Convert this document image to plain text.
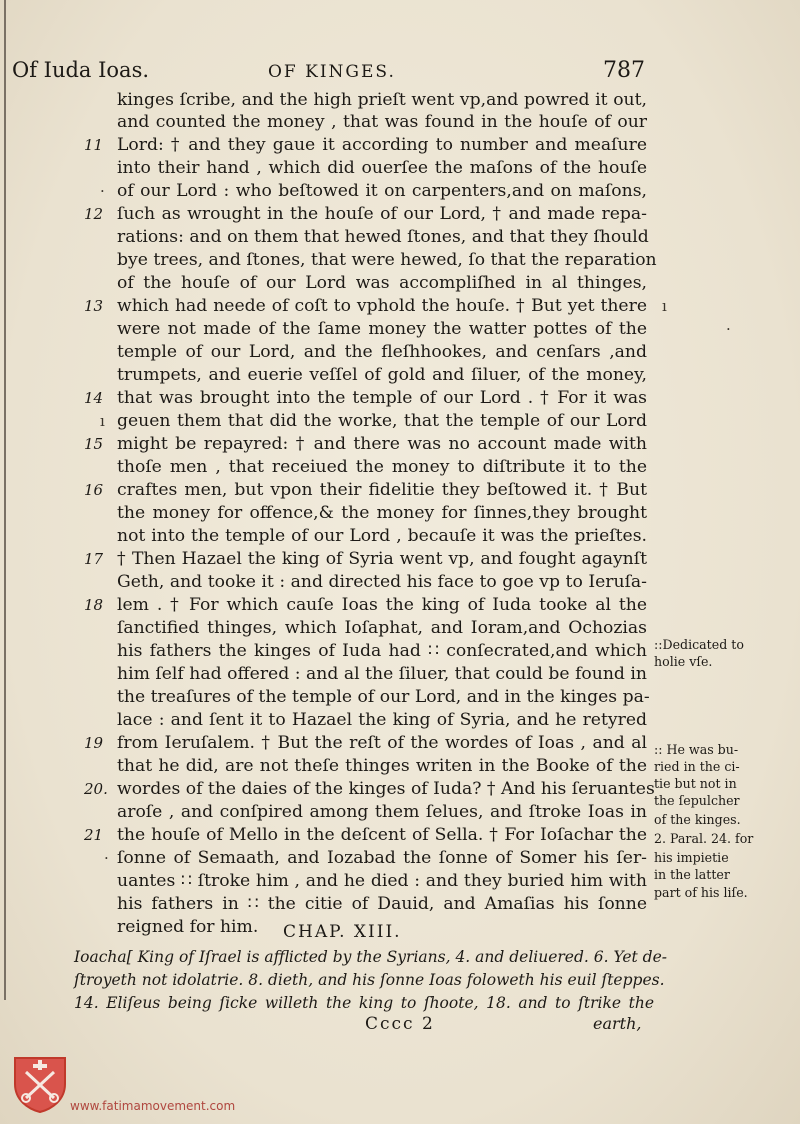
Of Iuda Ioas.	OF KINGES.	787
kinges ſcribe, and the high prieſt went vp,and powred it out,
and counted the money , that was found in the houſe of our
Lord: † and they gaue it according to number and meaſure
into their hand , which did ouerſee the maſons of the houſe
of our Lord : who beſtowed it on carpenters,and on maſons,
ſuch as wrought in the houſe of our Lord, † and made repa-
rations: and on them that hewed ſtones, and that they ſhould
bye trees, and ſtones, that were hewed, ſo that the reparation
of the houſe of our Lord was accompliſhed in al thinges,
which had neede of coſt to vphold the houſe. † But yet there
were not made of the ſame money the watter pottes of the
temple of our Lord, and the fleſhhookes, and cenſars ,and
trumpets, and euerie veſſel of gold and ſiluer, of the money,
that was brought into the temple of our Lord . † For it was
geuen them that did the worke, that the temple of our Lord
might be repayred: † and there was no account made with
thoſe men , that receiued the money to diſtribute it to the
craftes men, but vpon their fidelitie they beſtowed it. † But
the money for offence,& the money for ſinnes,they brought
not into the temple of our Lord , becauſe it was the prieſtes.
† Then Hazael the king of Syria went vp, and fought agaynſt
Geth, and tooke it : and directed his face to goe vp to Ieruſa-
lem . † For which cauſe Ioas the king of Iuda tooke al the
ſanctified thinges, which Ioſaphat, and Ioram,and Ochozias
his fathers the kinges of Iuda had ∷ conſecrated,and which
him ſelf had offered : and al the ſiluer, that could be found in
the treaſures of the temple of our Lord, and in the kinges pa-
lace : and ſent it to Hazael the king of Syria, and he retyred
from Ieruſalem. † But the reſt of the wordes of Ioas , and al
that he did, are not theſe thinges writen in the Booke of the
wordes of the daies of the kinges of Iuda? † And his ſeruantes
aroſe , and conſpired among them ſelues, and ſtroke Ioas in
the houſe of Mello in the deſcent of Sella. † For Ioſachar the
ſonne of Semaath, and Iozabad the ſonne of Somer his ſer-
uantes ∷ ſtroke him , and he died : and they buried him with
his fathers in ∷ the citie of Dauid, and Amaſias his ſonne
reigned for him.
11
12
13
14
15
16
17
18
19
20.
21
·
ı
·
ı
·
::Dedicated to
holie vſe.
:: He was bu-
ried in the ci-
tie but not in
the ſepulcher
of the kinges.
2. Paral. 24. for
his impietie
in the latter
part of his liſe.
CHAP. XIII.
Ioacha[ King of Iſrael is afflicted by the Syrians, 4. and deliuered. 6. Yet de-
ſtroyeth not idolatrie. 8. dieth, and his ſonne Ioas foloweth his euil ſteppes.
14. Eliſeus being ſicke willeth the king to ſhoote, 18. and to ſtrike the
Cccc 2	earth,
www.fatimamovement.com
